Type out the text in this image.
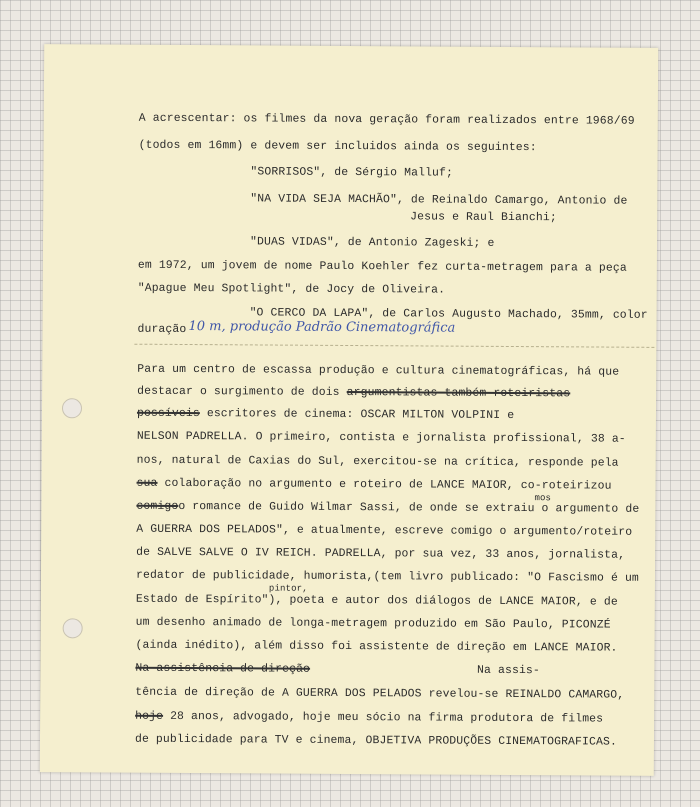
A acrescentar: os filmes da nova geração foram realizados entre 1968/69
(todos em 16mm) e devem ser incluidos ainda os seguintes:
"SORRISOS", de Sérgio Malluf;
"NA VIDA SEJA MACHÃO", de Reinaldo Camargo, Antonio de
Jesus e Raul Bianchi;
"DUAS VIDAS", de Antonio Zageski; e
em 1972, um jovem de nome Paulo Koehler fez curta-metragem para a peça
"Apague Meu Spotlight", de Jocy de Oliveira.
"O CERCO DA LAPA", de Carlos Augusto Machado, 35mm, color
duração 10 m, produção Padrão Cinematográfica
Para um centro de escassa produção e cultura cinematográficas, há que
destacar o surgimento de dois argumentistas também roteiristas
possíveis escritores de cinema: OSCAR MILTON VOLPINI e
NELSON PADRELLA. O primeiro, contista e jornalista profissional, 38 a-
nos, natural de Caxias do Sul, exercitou-se na crítica, responde pela
sua colaboração no argumento e roteiro de LANCE MAIOR, co-roteirizou
mos
comigoo romance de Guido Wilmar Sassi, de onde se extraiu o argumento de
A GUERRA DOS PELADOS", e atualmente, escreve comigo o argumento/roteiro
de SALVE SALVE O IV REICH. PADRELLA, por sua vez, 33 anos, jornalista,
redator de publicidade, humorista,(tem livro publicado: "O Fascismo é um
pintor,
Estado de Espírito"), poeta e autor dos diálogos de LANCE MAIOR, e de
um desenho animado de longa-metragem produzido em São Paulo, PICONZÉ
(ainda inédito), além disso foi assistente de direção em LANCE MAIOR.
Na assistência de direção	Na assis-
tência de direção de A GUERRA DOS PELADOS revelou-se REINALDO CAMARGO,
hoje 28 anos, advogado, hoje meu sócio na firma produtora de filmes
de publicidade para TV e cinema, OBJETIVA PRODUÇÕES CINEMATOGRAFICAS.
